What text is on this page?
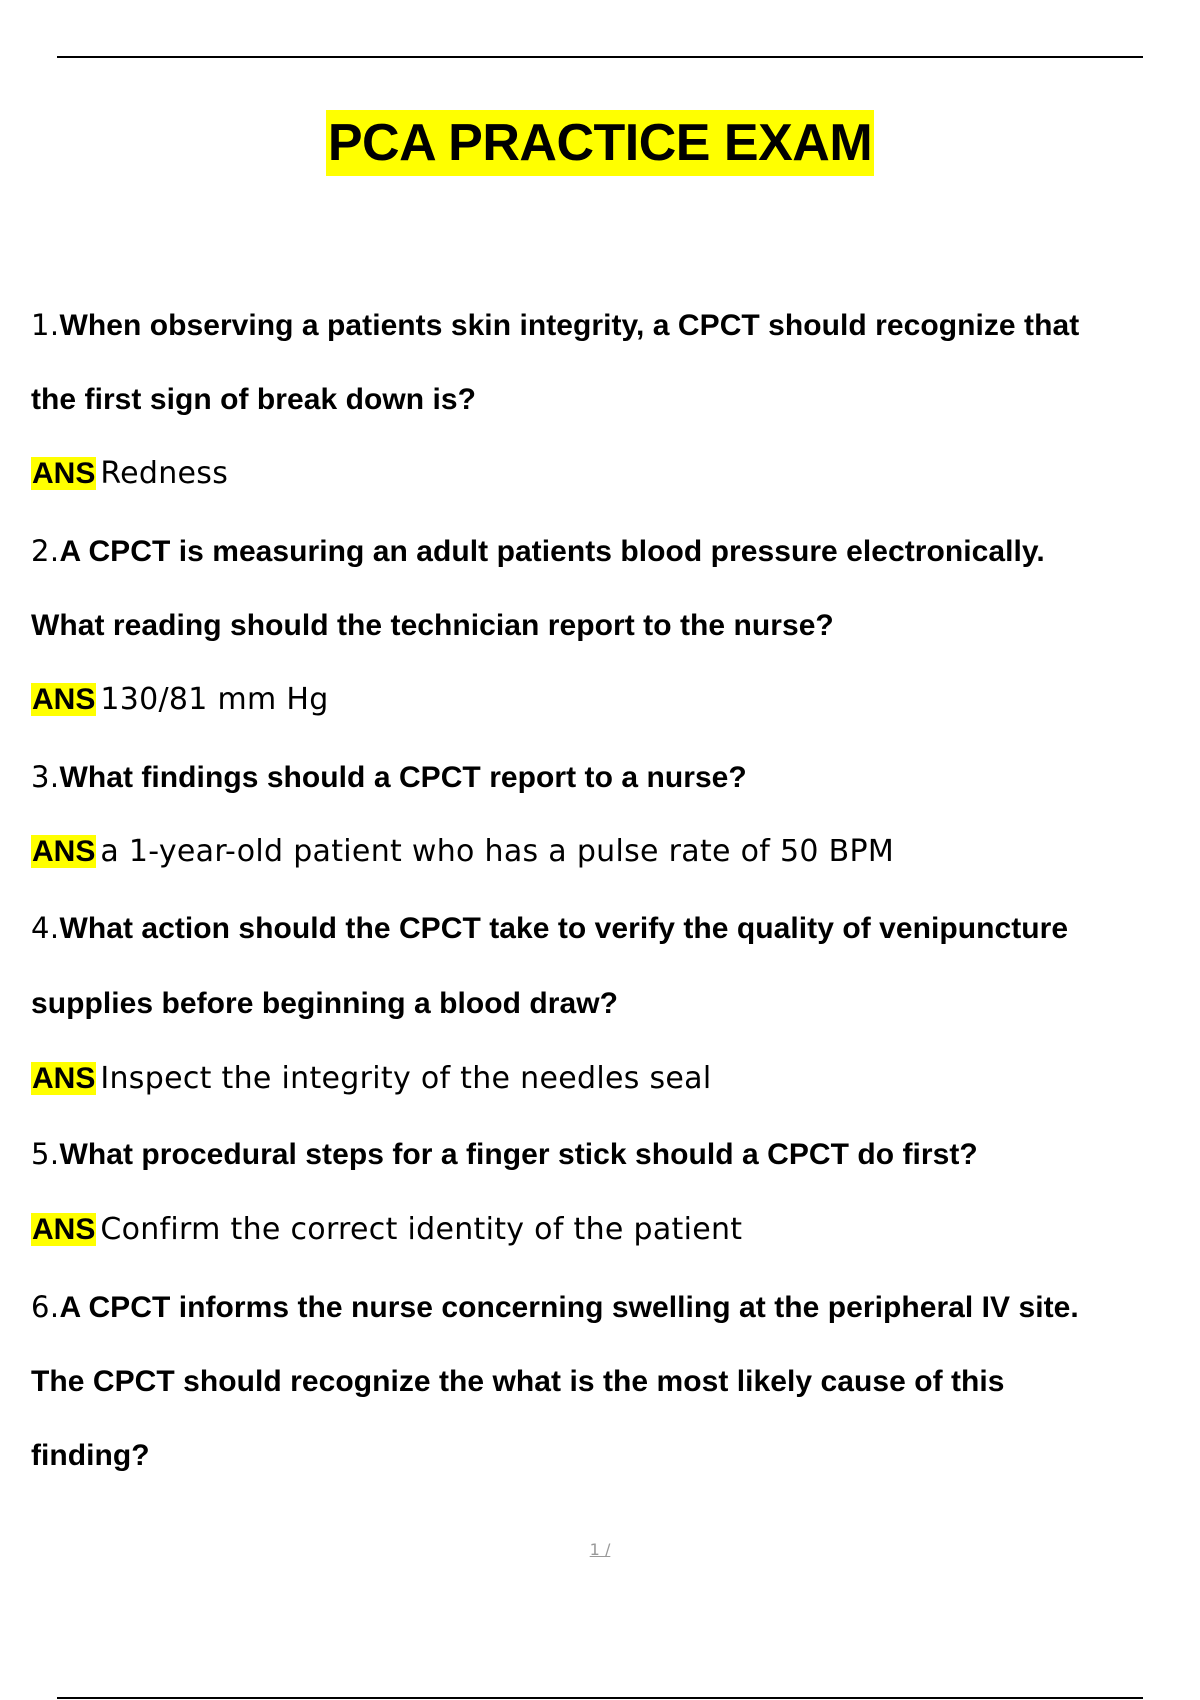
PCA PRACTICE EXAM
1.When observing a patients skin integrity, a CPCT should recognize that
the first sign of break down is?
ANS Redness
2.A CPCT is measuring an adult patients blood pressure electronically.
What reading should the technician report to the nurse?
ANS 130/81 mm Hg
3.What findings should a CPCT report to a nurse?
ANS a 1-year-old patient who has a pulse rate of 50 BPM
4.What action should the CPCT take to verify the quality of venipuncture
supplies before beginning a blood draw?
ANS Inspect the integrity of the needles seal
5.What procedural steps for a finger stick should a CPCT do first?
ANS Confirm the correct identity of the patient
6.A CPCT informs the nurse concerning swelling at the peripheral IV site.
The CPCT should recognize the what is the most likely cause of this
finding?
1 /
